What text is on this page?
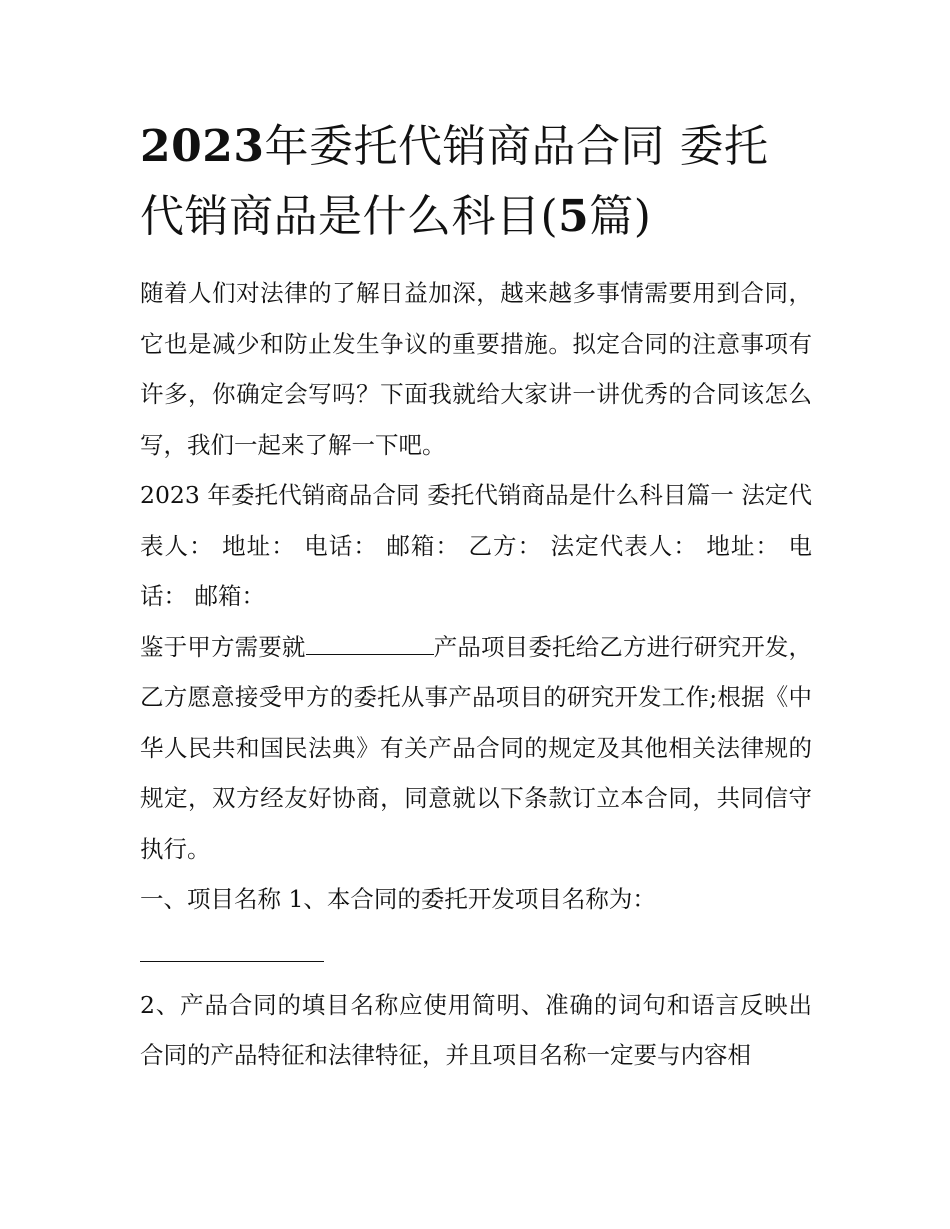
2023年委托代销商品合同 委托代销商品是什么科目(5篇)

随着人们对法律的了解日益加深，越来越多事情需要用到合同，它也是减少和防止发生争议的重要措施。拟定合同的注意事项有许多，你确定会写吗？下面我就给大家讲一讲优秀的合同该怎么写，我们一起来了解一下吧。

2023 年委托代销商品合同 委托代销商品是什么科目篇一 法定代表人： 地址： 电话： 邮箱： 乙方： 法定代表人： 地址： 电话： 邮箱：

鉴于甲方需要就	产品项目委托给乙方进行研究开发，乙方愿意接受甲方的委托从事产品项目的研究开发工作;根据《中华人民共和国民法典》有关产品合同的规定及其他相关法律规的规定，双方经友好协商，同意就以下条款订立本合同，共同信守执行。

一、项目名称 1、本合同的委托开发项目名称为：

2、产品合同的填目名称应使用简明、准确的词句和语言反映出合同的产品特征和法律特征，并且项目名称一定要与内容相
